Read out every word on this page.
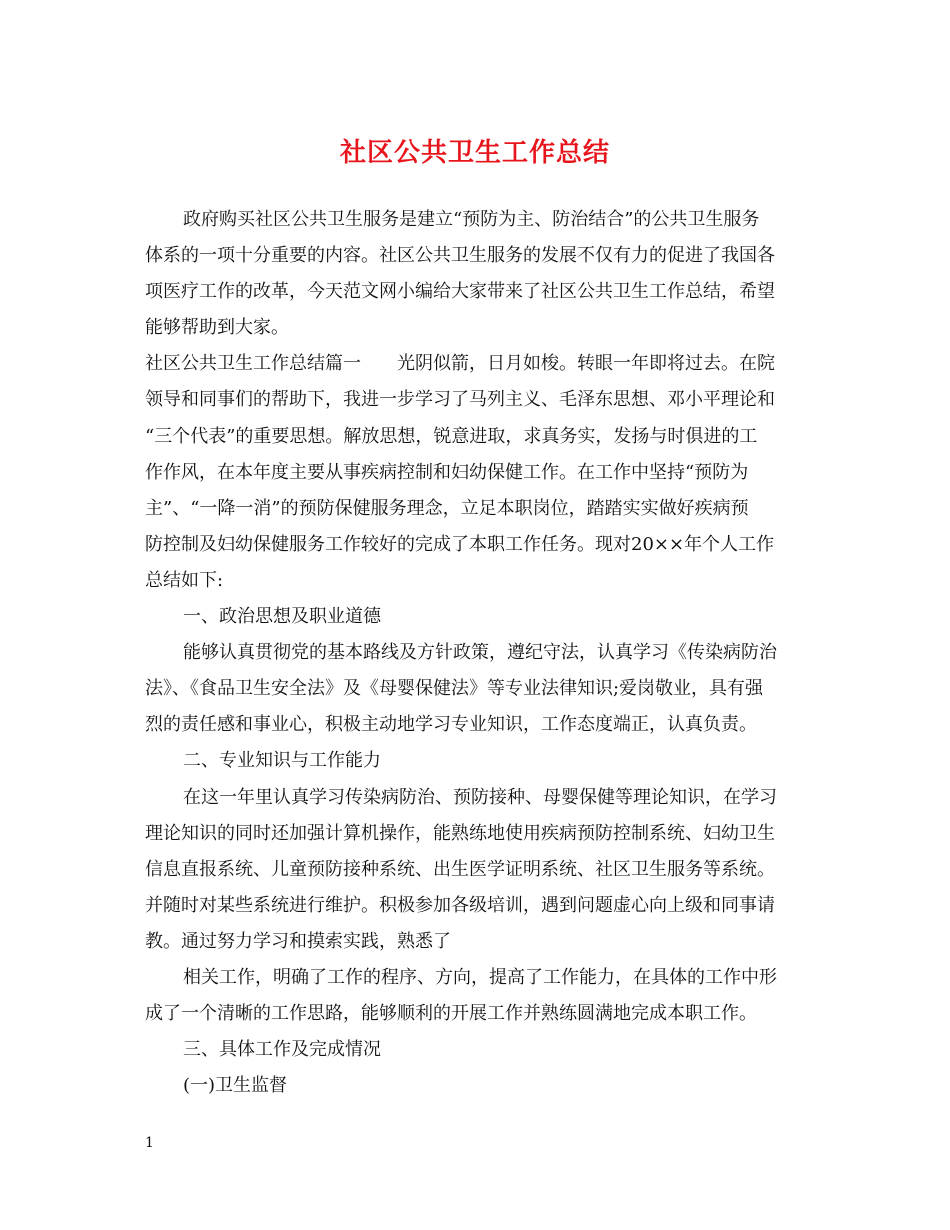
社区公共卫生工作总结
政府购买社区公共卫生服务是建立“预防为主、防治结合”的公共卫生服务
体系的一项十分重要的内容。社区公共卫生服务的发展不仅有力的促进了我国各
项医疗工作的改革，今天范文网小编给大家带来了社区公共卫生工作总结，希望
能够帮助到大家。
社区公共卫生工作总结篇一　　光阴似箭，日月如梭。转眼一年即将过去。在院
领导和同事们的帮助下，我进一步学习了马列主义、毛泽东思想、邓小平理论和
“三个代表”的重要思想。解放思想，锐意进取，求真务实，发扬与时俱进的工
作作风，在本年度主要从事疾病控制和妇幼保健工作。在工作中坚持“预防为
主”、“一降一消”的预防保健服务理念，立足本职岗位，踏踏实实做好疾病预
防控制及妇幼保健服务工作较好的完成了本职工作任务。现对20××年个人工作
总结如下:
一、政治思想及职业道德
能够认真贯彻党的基本路线及方针政策，遵纪守法，认真学习《传染病防治
法》、《食品卫生安全法》及《母婴保健法》等专业法律知识;爱岗敬业，具有强
烈的责任感和事业心，积极主动地学习专业知识，工作态度端正，认真负责。
二、专业知识与工作能力
在这一年里认真学习传染病防治、预防接种、母婴保健等理论知识，在学习
理论知识的同时还加强计算机操作，能熟练地使用疾病预防控制系统、妇幼卫生
信息直报系统、儿童预防接种系统、出生医学证明系统、社区卫生服务等系统。
并随时对某些系统进行维护。积极参加各级培训，遇到问题虚心向上级和同事请
教。通过努力学习和摸索实践，熟悉了
相关工作，明确了工作的程序、方向，提高了工作能力，在具体的工作中形
成了一个清晰的工作思路，能够顺利的开展工作并熟练圆满地完成本职工作。
三、具体工作及完成情况
(一)卫生监督
1
